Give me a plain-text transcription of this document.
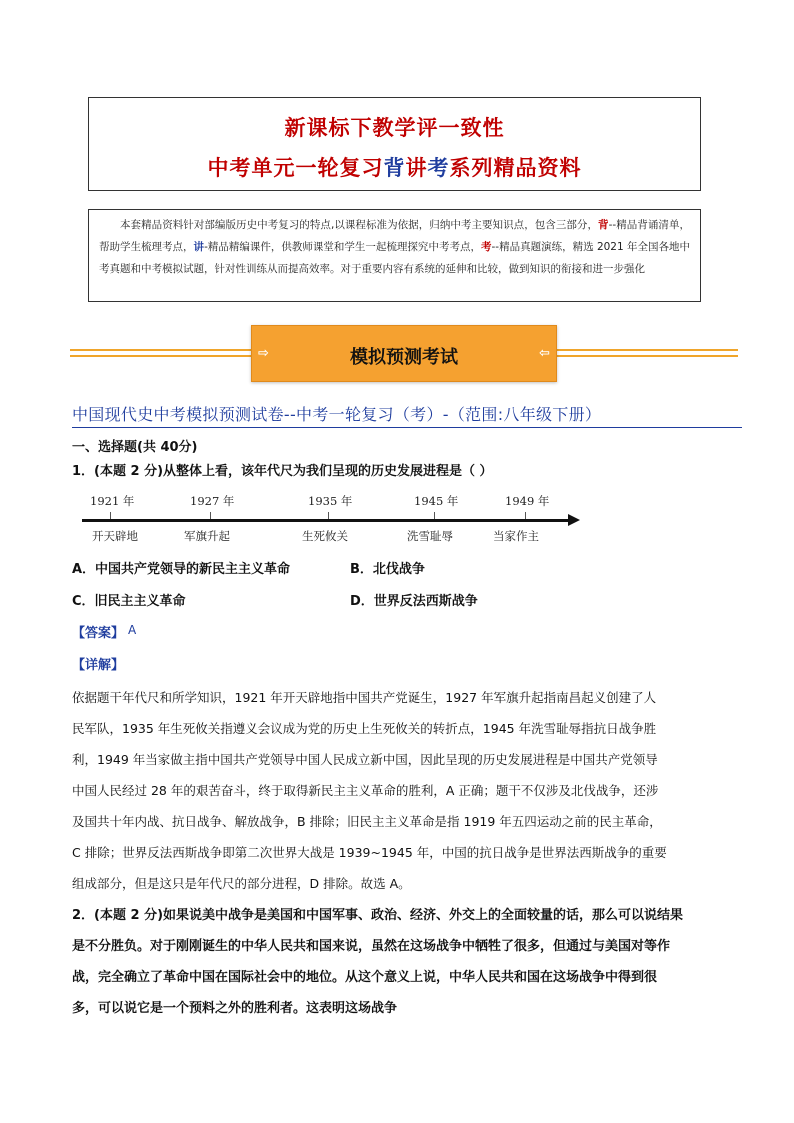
新课标下教学评一致性
中考单元一轮复习背讲考系列精品资料

本套精品资料针对部编版历史中考复习的特点,以课程标准为依据，归纳中考主要知识点，包含三部分，背--精品背诵清单，帮助学生梳理考点，讲-精品精编课件，供教师课堂和学生一起梳理探究中考考点，考--精品真题演练，精选 2021 年全国各地中考真题和中考模拟试题，针对性训练从而提高效率。对于重要内容有系统的延伸和比较，做到知识的衔接和进一步强化

⇨	模拟预测考试	⇦
中国现代史中考模拟预测试卷--中考一轮复习（考）-（范围:八年级下册）
一、选择题(共 40分)
1．(本题 2 分)从整体上看，该年代尺为我们呈现的历史发展进程是（ ）
1921 年	1927 年	1935 年	1945 年	1949 年
开天辟地	军旗升起	生死攸关	洗雪耻辱	当家作主
A．中国共产党领导的新民主主义革命	B．北伐战争
C．旧民主主义革命	D．世界反法西斯战争
【答案】 A
【详解】

依据题干年代尺和所学知识，1921 年开天辟地指中国共产党诞生，1927 年军旗升起指南昌起义创建了人

民军队，1935 年生死攸关指遵义会议成为党的历史上生死攸关的转折点，1945 年洗雪耻辱指抗日战争胜

利，1949 年当家做主指中国共产党领导中国人民成立新中国，因此呈现的历史发展进程是中国共产党领导

中国人民经过 28 年的艰苦奋斗，终于取得新民主主义革命的胜利，A 正确；题干不仅涉及北伐战争，还涉

及国共十年内战、抗日战争、解放战争，B 排除；旧民主主义革命是指 1919 年五四运动之前的民主革命，

C 排除；世界反法西斯战争即第二次世界大战是 1939~1945 年，中国的抗日战争是世界法西斯战争的重要

组成部分，但是这只是年代尺的部分进程，D 排除。故选 A。

2．(本题 2 分)如果说美中战争是美国和中国军事、政治、经济、外交上的全面较量的话，那么可以说结果
是不分胜负。对于刚刚诞生的中华人民共和国来说，虽然在这场战争中牺牲了很多，但通过与美国对等作
战，完全确立了革命中国在国际社会中的地位。从这个意义上说，中华人民共和国在这场战争中得到很
多，可以说它是一个预料之外的胜利者。这表明这场战争
